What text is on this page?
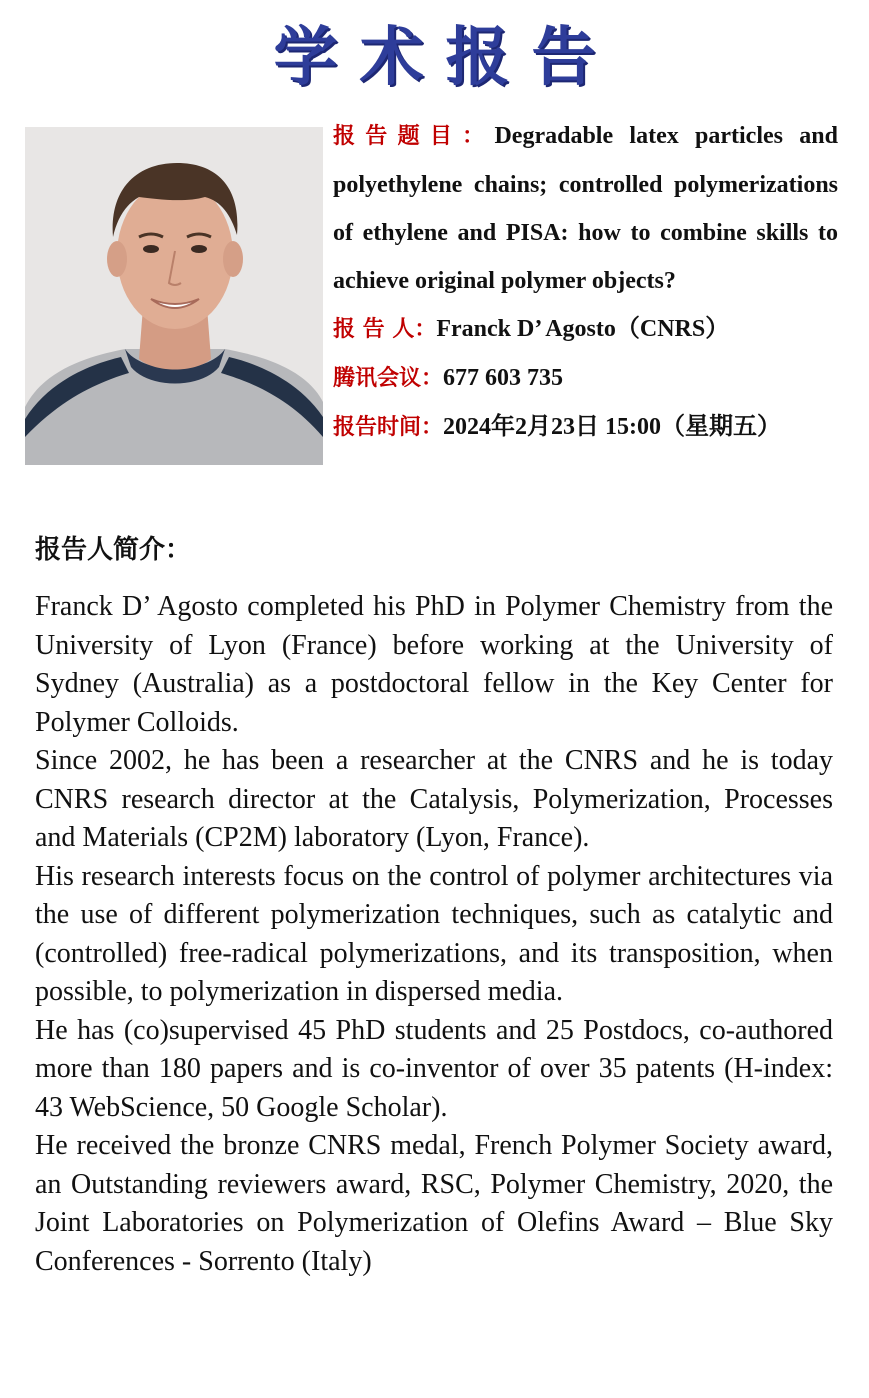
学术报告
报告题目：Degradable latex particles and polyethylene chains; controlled polymerizations of ethylene and PISA: how to combine skills to achieve original polymer objects?
报 告 人：Franck D’ Agosto（CNRS）
腾讯会议：677 603 735
报告时间：2024年2月23日 15:00（星期五）
报告人简介：

Franck D’ Agosto completed his PhD in Polymer Chemistry from the University of Lyon (France) before working at the University of Sydney (Australia) as a postdoctoral fellow in the Key Center for Polymer Colloids.

Since 2002, he has been a researcher at the CNRS and he is today CNRS research director at the Catalysis, Polymerization, Processes and Materials (CP2M) laboratory (Lyon, France).

His research interests focus on the control of polymer architectures via the use of different polymerization techniques, such as catalytic and (controlled) free-radical polymerizations, and its transposition, when possible, to polymerization in dispersed media.

He has (co)supervised 45 PhD students and 25 Postdocs, co-authored more than 180 papers and is co-inventor of over 35 patents (H-index: 43 WebScience, 50 Google Scholar).

He received the bronze CNRS medal, French Polymer Society award, an Outstanding reviewers award, RSC, Polymer Chemistry, 2020, the Joint Laboratories on Polymerization of Olefins Award – Blue Sky Conferences - Sorrento (Italy)
